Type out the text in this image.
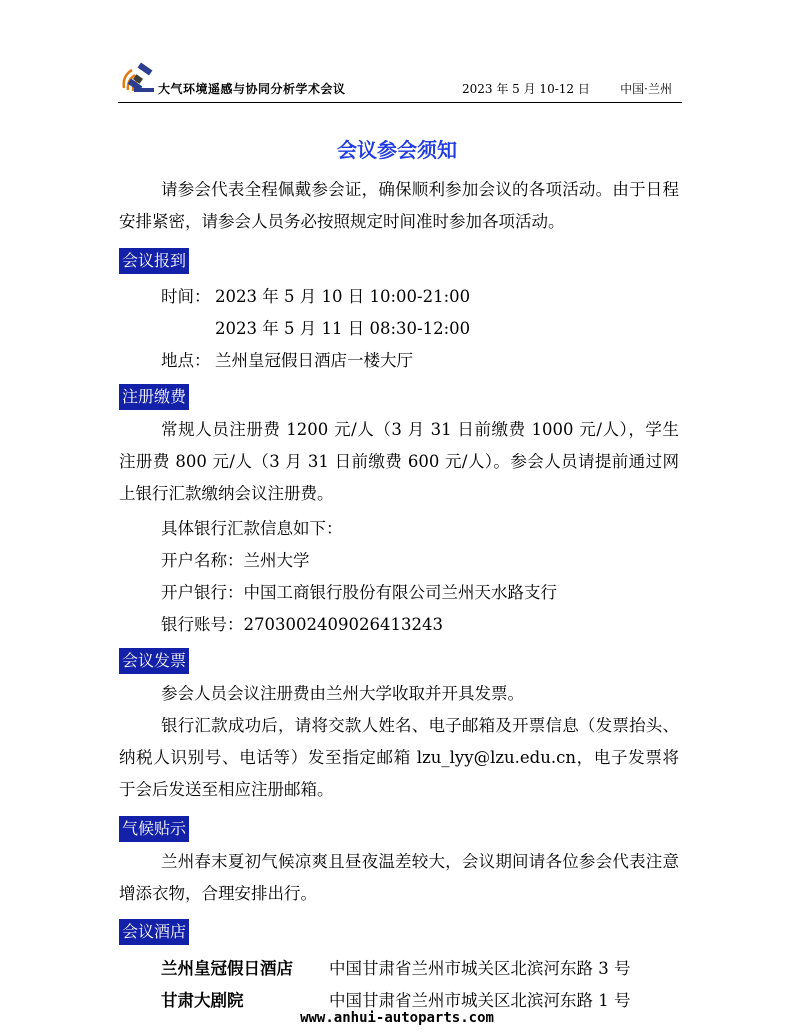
大气环境遥感与协同分析学术会议	2023 年 5 月 10-12 日	中国·兰州
会议参会须知
请参会代表全程佩戴参会证，确保顺利参加会议的各项活动。由于日程安排紧密，请参会人员务必按照规定时间准时参加各项活动。
会议报到
时间： 2023 年 5 月 10 日 10:00-21:00
2023 年 5 月 11 日 08:30-12:00
地点： 兰州皇冠假日酒店一楼大厅
注册缴费
常规人员注册费 1200 元/人（3 月 31 日前缴费 1000 元/人），学生注册费 800 元/人（3 月 31 日前缴费 600 元/人）。参会人员请提前通过网上银行汇款缴纳会议注册费。
具体银行汇款信息如下：
开户名称：兰州大学
开户银行：中国工商银行股份有限公司兰州天水路支行
银行账号：2703002409026413243
会议发票
参会人员会议注册费由兰州大学收取并开具发票。
银行汇款成功后，请将交款人姓名、电子邮箱及开票信息（发票抬头、纳税人识别号、电话等）发至指定邮箱 lzu_lyy@lzu.edu.cn，电子发票将于会后发送至相应注册邮箱。
气候贴示
兰州春末夏初气候凉爽且昼夜温差较大，会议期间请各位参会代表注意增添衣物，合理安排出行。
会议酒店
兰州皇冠假日酒店 中国甘肃省兰州市城关区北滨河东路 3 号
甘肃大剧院	中国甘肃省兰州市城关区北滨河东路 1 号
www.anhui-autoparts.com
